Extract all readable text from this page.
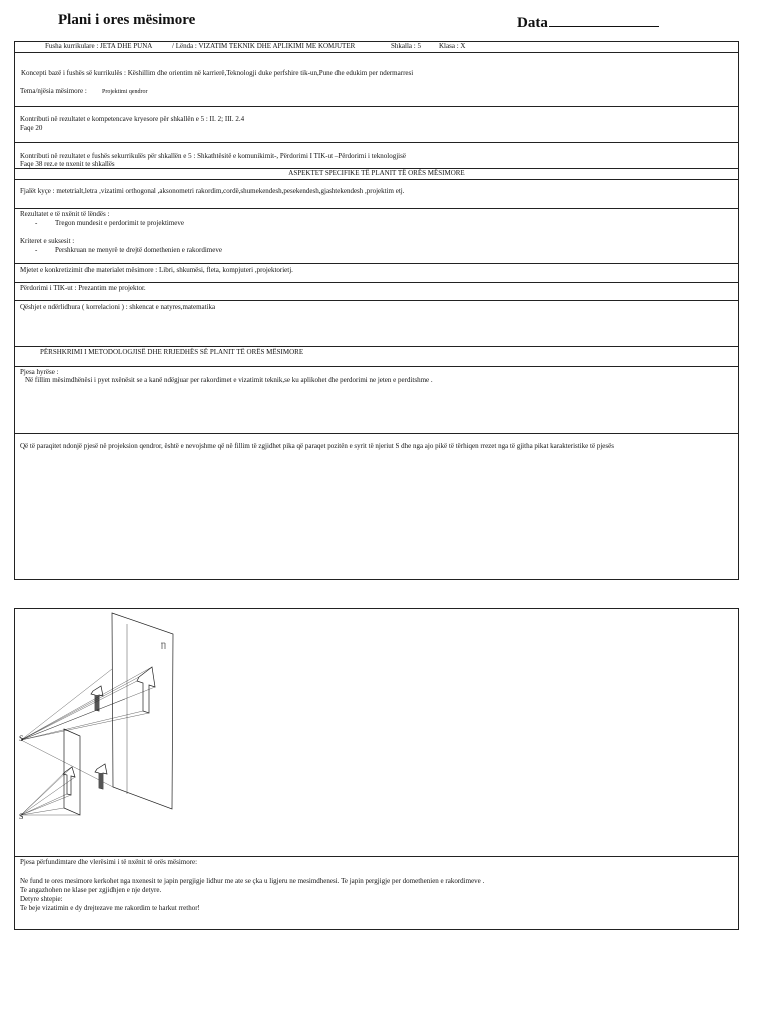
Plani i ores mësimore	Data
Fusha kurrikulare : JETA DHE PUNA	/ Lënda : VIZATIM TEKNIK DHE APLIKIMI ME KOMJUTER	Shkalla : 5	Klasa : X
Koncepti bazë i fushës së kurrikulës : Këshillim dhe orientim në karrierë,Teknologji duke perfshire tik-un,Pune dhe edukim per ndermarresi
Tema/njësia mësimore :	Projektimi qendror
Kontributi në rezultatet e kompetencave kryesore për shkallën e 5 : II. 2; III. 2.4
Faqe 20
Kontributi në rezultatet e fushës sekurrikulës për shkallën e 5 : Shkathtësitë e komunikimit-, Përdorimi I TIK-ut –Përdorimi i teknologjisë
Faqe 38 rez.e te nxenit te shkallës
ASPEKTET SPECIFIKE TË PLANIT TË ORËS MËSIMORE
Fjalët kyçe : metetrialt,letra ,vizatimi orthogonal ,aksonometri rakordim,cordë,shumekendesh,pesekendesh,gjashtekendesh ,projektim etj.
Rezultatet e të nxënit të lëndës :
-	Tregon mundesit e perdorimit te projektimeve
Kriteret e suksesit :
-	Pershkruan ne menyrë te drejtë domethenien e rakordimeve
Mjetet e konkretizimit dhe materialet mësimore : Libri, shkumësi, fleta, kompjuteri ,projektorietj.
Përdorimi i TIK-ut : Prezantim me projektor.
Qëshjet e ndërlidhura ( korrelacioni ) : shkencat e natyres,matematika
PËRSHKRIMI I METODOLOGJISË DHE RRJEDHËS SË PLANIT TË ORËS MËSIMORE
Pjesa hyrëse :
Në fillim mësimdhënësi i pyet nxënësit se a kanë ndëgjuar per rakordimet e vizatimit teknik,se ku aplikohet dhe perdorimi ne jeten e perditshme .
Që të paraqitet ndonjë pjesë në projeksion qendror, është e nevojshme që në fillim të zgjidhet pika që paraqet pozitën e syrit të njeriut S dhe nga ajo pikë të tërhiqen rrezet nga të gjitha pikat karakteristike të pjesës
S
S
Pjesa përfundimtare dhe vlerësimi i të nxënit të orës mësimore:
Ne fund te ores mesimore kerkohet nga nxenesit te japin pergjigje lidhur me ate se çka u ligjeru ne mesimdhenesi. Te japin pergjigje per domethenien e rakordimeve .
Te angazhohen ne klase per zgjidhjen e nje detyre.
Detyre shtepie:
Te beje vizatimin e dy drejtezave me rakordim te harkut rrethor!
